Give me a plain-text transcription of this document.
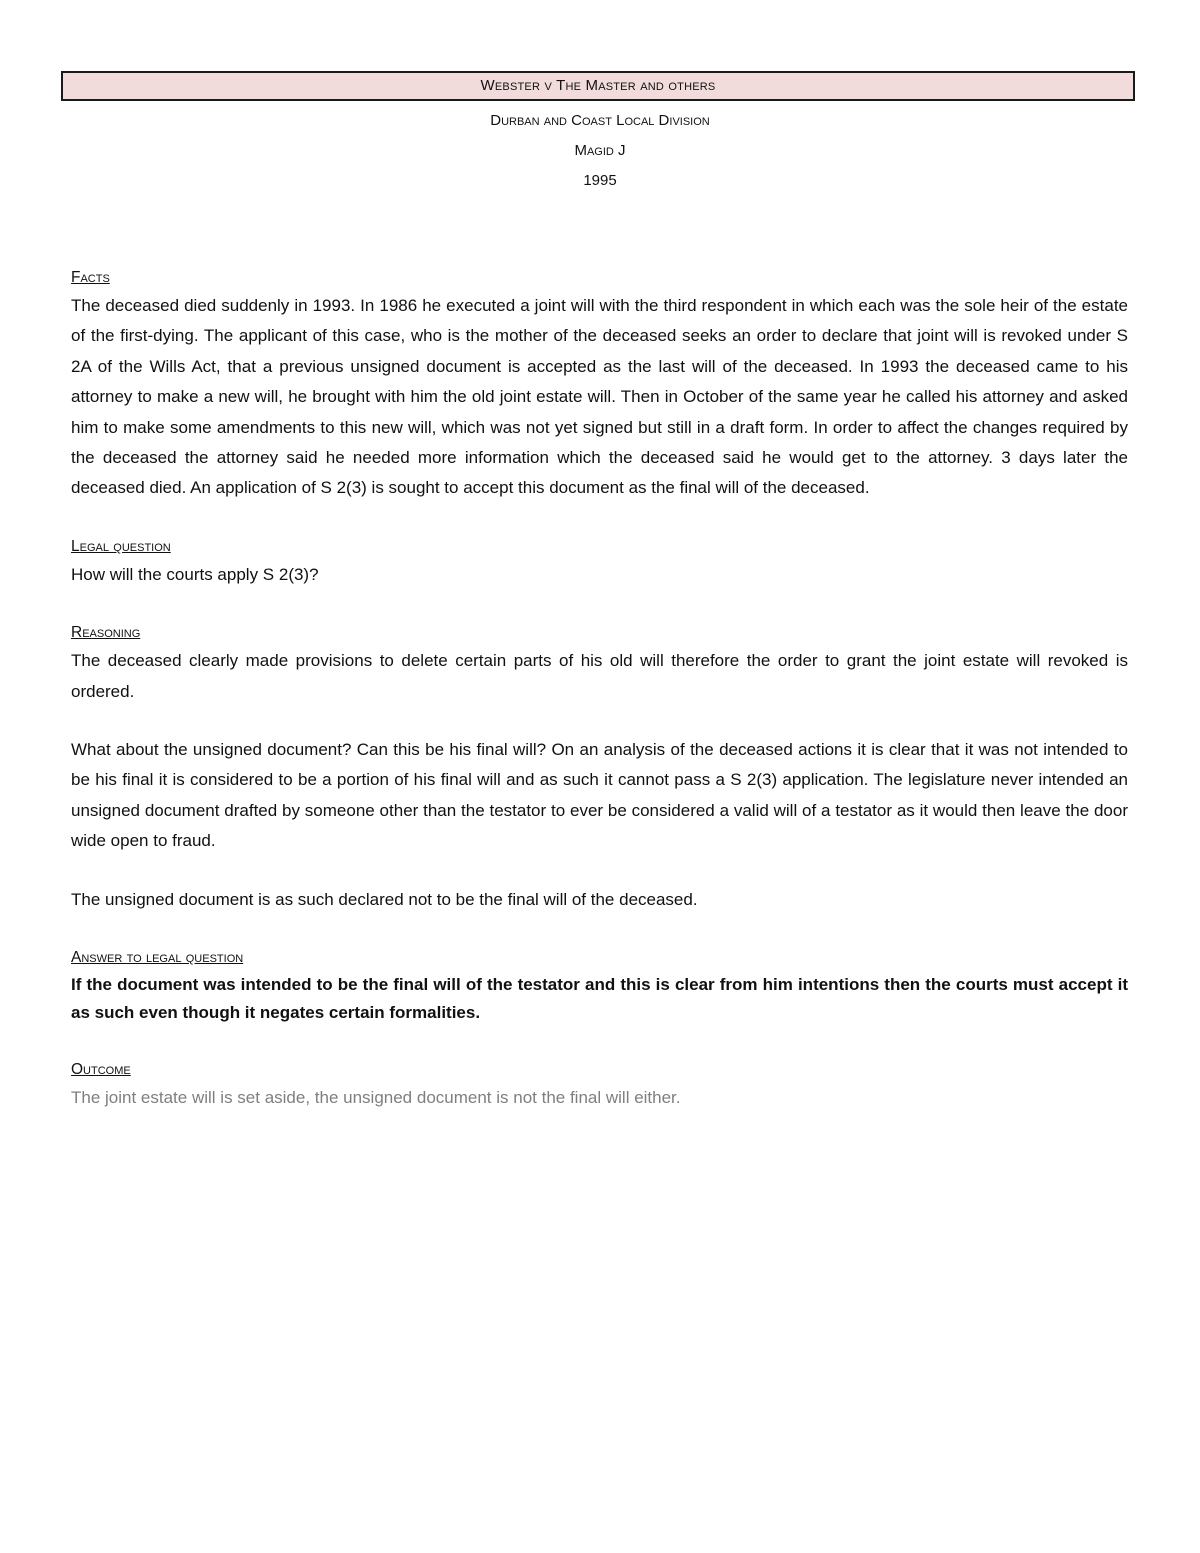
Webster v The Master and others
Durban and Coast Local Division
Magid J
1995
Facts

The deceased died suddenly in 1993. In 1986 he executed a joint will with the third respondent in which each was the sole heir of the estate of the first-dying. The applicant of this case, who is the mother of the deceased seeks an order to declare that joint will is revoked under S 2A of the Wills Act, that a previous unsigned document is accepted as the last will of the deceased. In 1993 the deceased came to his attorney to make a new will, he brought with him the old joint estate will. Then in October of the same year he called his attorney and asked him to make some amendments to this new will, which was not yet signed but still in a draft form. In order to affect the changes required by the deceased the attorney said he needed more information which the deceased said he would get to the attorney. 3 days later the deceased died. An application of S 2(3) is sought to accept this document as the final will of the deceased.

Legal question

How will the courts apply S 2(3)?

Reasoning

The deceased clearly made provisions to delete certain parts of his old will therefore the order to grant the joint estate will revoked is ordered.

What about the unsigned document? Can this be his final will? On an analysis of the deceased actions it is clear that it was not intended to be his final it is considered to be a portion of his final will and as such it cannot pass a S 2(3) application. The legislature never intended an unsigned document drafted by someone other than the testator to ever be considered a valid will of a testator as it would then leave the door wide open to fraud.

The unsigned document is as such declared not to be the final will of the deceased.

Answer to legal question

If the document was intended to be the final will of the testator and this is clear from him intentions then the courts must accept it as such even though it negates certain formalities.

Outcome

The joint estate will is set aside, the unsigned document is not the final will either.
